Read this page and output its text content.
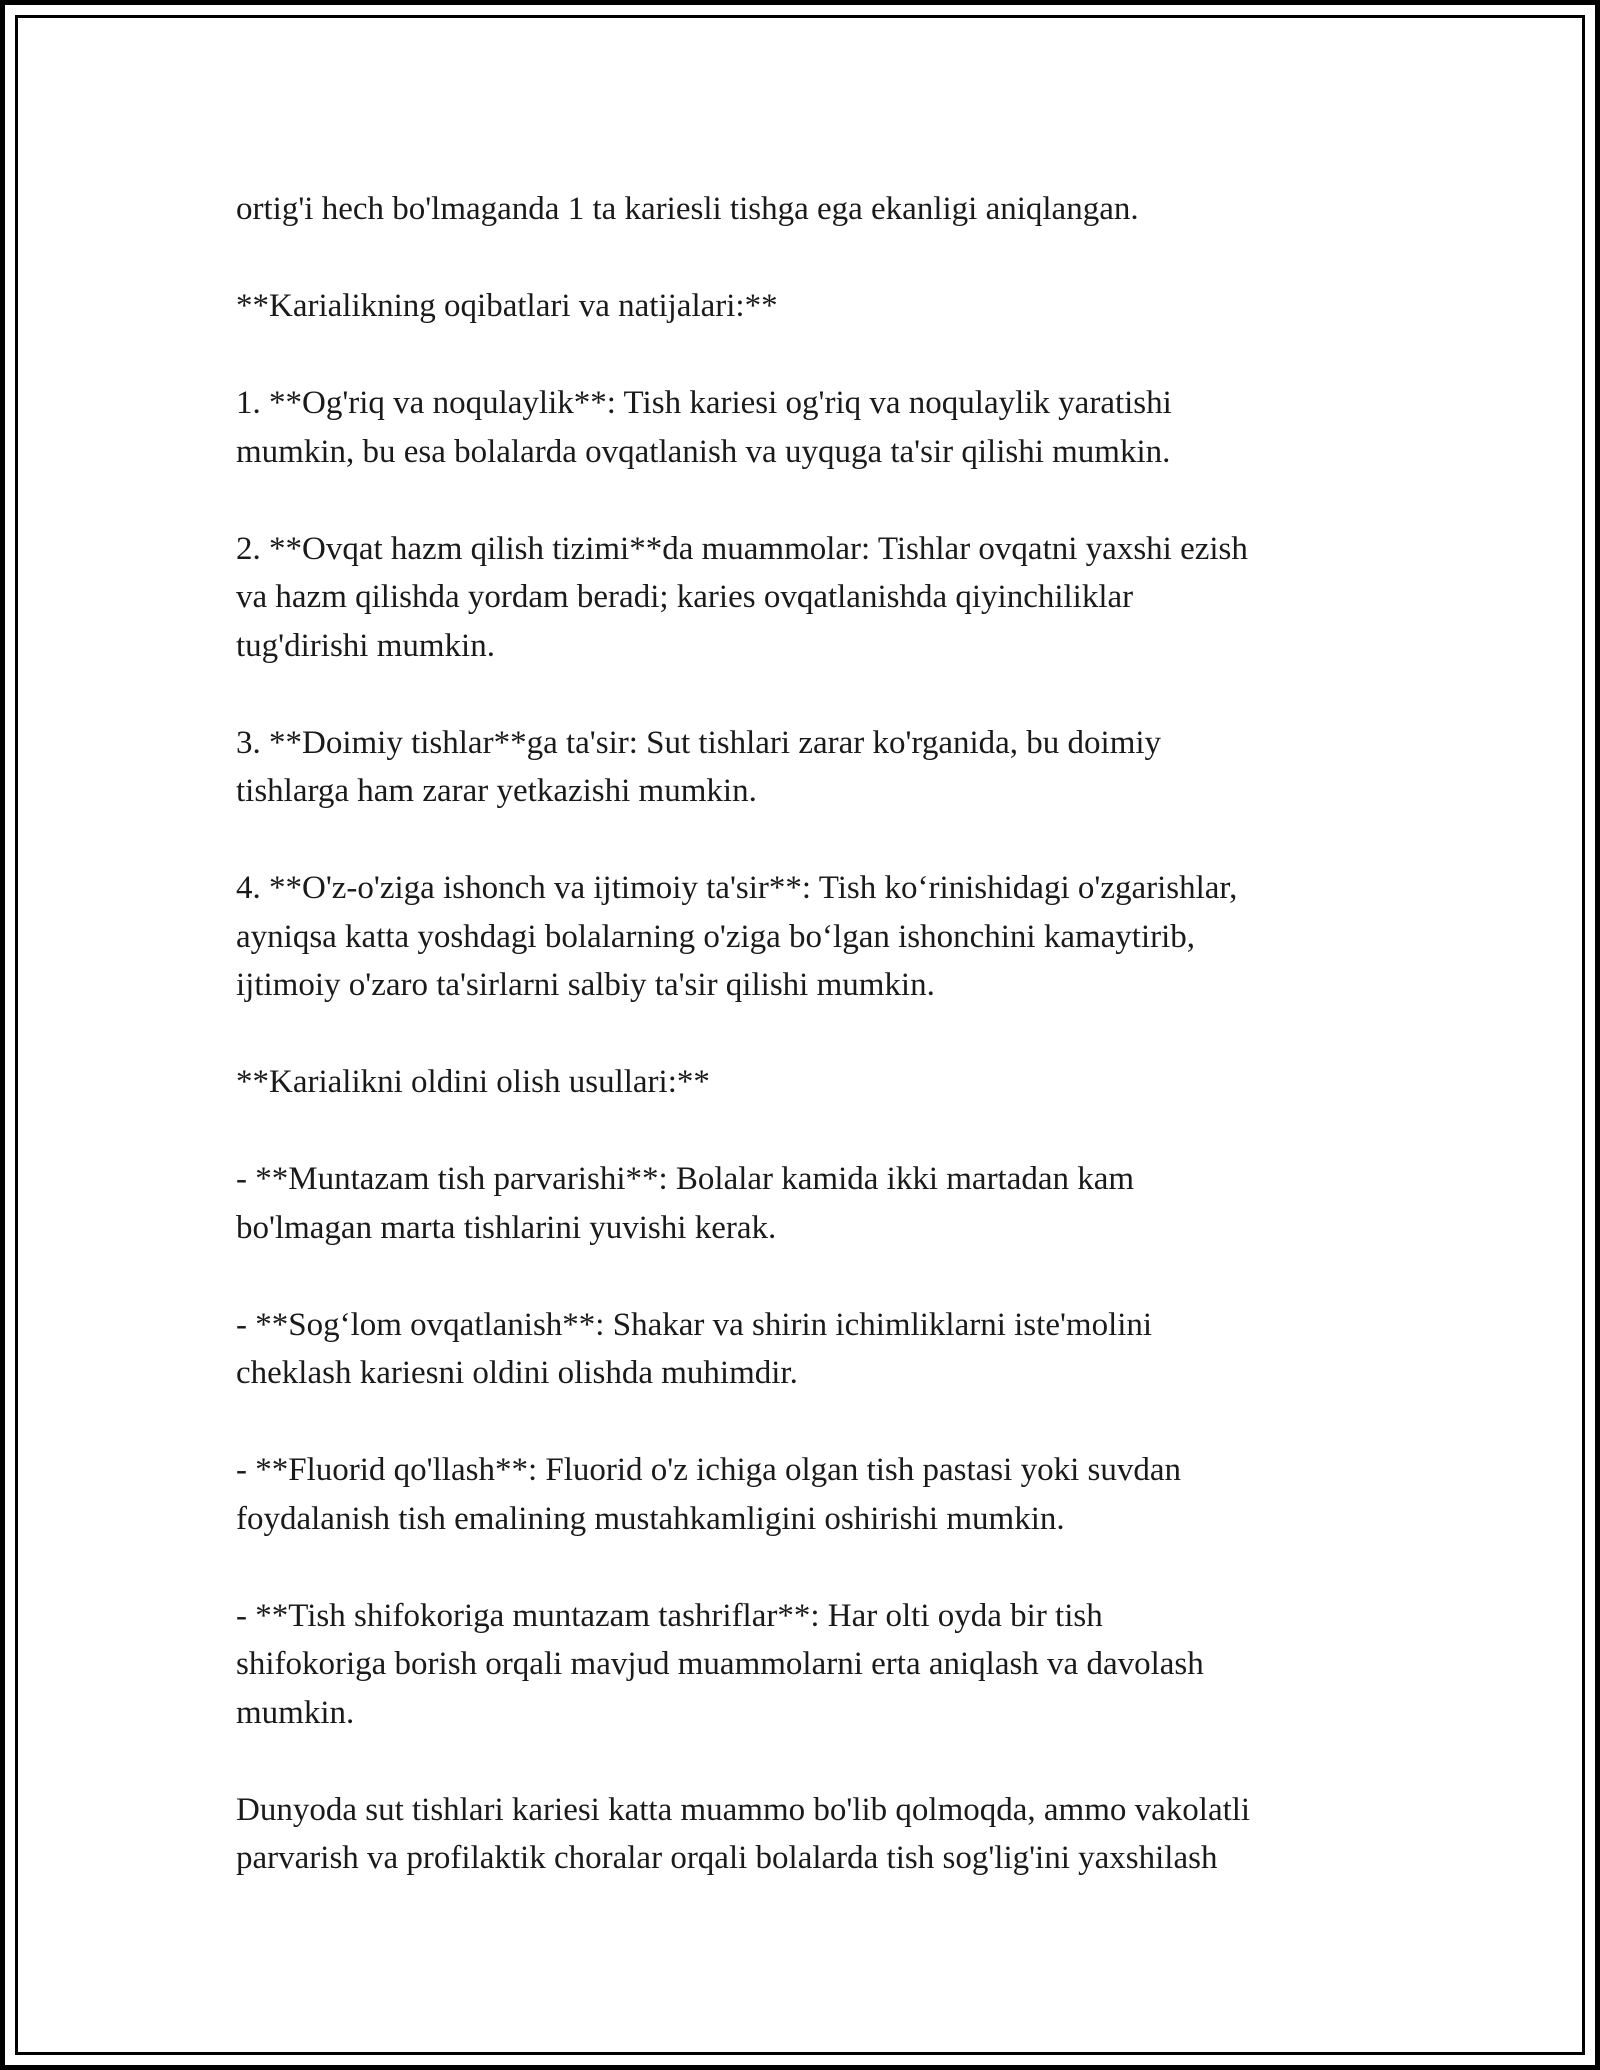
ortig'i hech bo'lmaganda 1 ta kariesli tishga ega ekanligi aniqlangan.

**Karialikning oqibatlari va natijalari:**

1. **Og'riq va noqulaylik**: Tish kariesi og'riq va noqulaylik yaratishi
mumkin, bu esa bolalarda ovqatlanish va uyquga ta'sir qilishi mumkin.

2. **Ovqat hazm qilish tizimi**da muammolar: Tishlar ovqatni yaxshi ezish
va hazm qilishda yordam beradi; karies ovqatlanishda qiyinchiliklar
tug'dirishi mumkin.

3. **Doimiy tishlar**ga ta'sir: Sut tishlari zarar ko'rganida, bu doimiy
tishlarga ham zarar yetkazishi mumkin.

4. **O'z-o'ziga ishonch va ijtimoiy ta'sir**: Tish ko‘rinishidagi o'zgarishlar,
ayniqsa katta yoshdagi bolalarning o'ziga bo‘lgan ishonchini kamaytirib,
ijtimoiy o'zaro ta'sirlarni salbiy ta'sir qilishi mumkin.

**Karialikni oldini olish usullari:**

- **Muntazam tish parvarishi**: Bolalar kamida ikki martadan kam
bo'lmagan marta tishlarini yuvishi kerak.

- **Sog‘lom ovqatlanish**: Shakar va shirin ichimliklarni iste'molini
cheklash kariesni oldini olishda muhimdir.

- **Fluorid qo'llash**: Fluorid o'z ichiga olgan tish pastasi yoki suvdan
foydalanish tish emalining mustahkamligini oshirishi mumkin.

- **Tish shifokoriga muntazam tashriflar**: Har olti oyda bir tish
shifokoriga borish orqali mavjud muammolarni erta aniqlash va davolash
mumkin.

Dunyoda sut tishlari kariesi katta muammo bo'lib qolmoqda, ammo vakolatli
parvarish va profilaktik choralar orqali bolalarda tish sog'lig'ini yaxshilash
